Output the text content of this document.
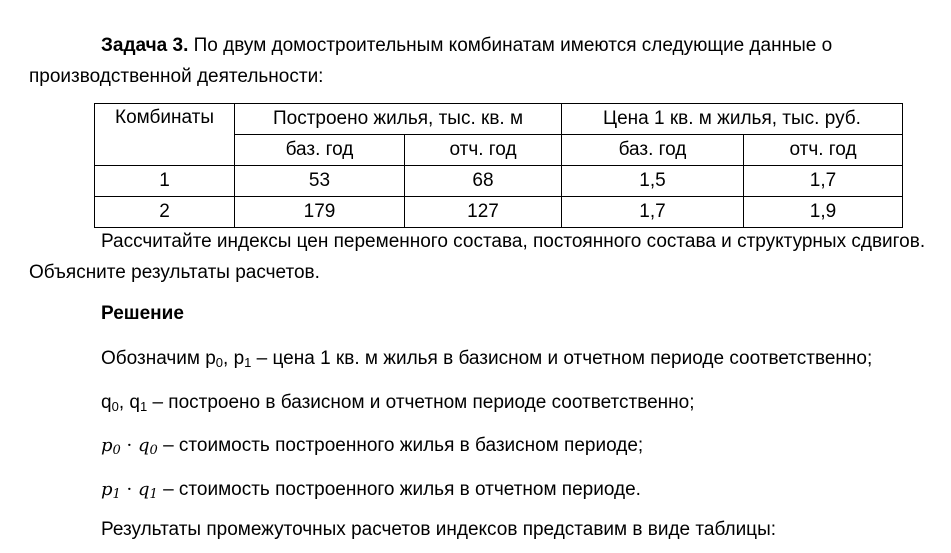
Задача 3. По двум домостроительным комбинатам имеются следующие данные о производственной деятельности:

Комбинаты	Построено жилья, тыс. кв. м		Цена 1 кв. м жилья, тыс. руб.	
	баз. год	отч. год	баз. год	отч. год
1	53	68	1,5	1,7
2	179	127	1,7	1,9

Рассчитайте индексы цен переменного состава, постоянного состава и структурных сдвигов. Объясните результаты расчетов.

Решение
Обозначим $p_0$, $p_1$ – цена 1 кв. м жилья в базисном и отчетном периоде соответственно;
$q_0$, $q_1$ – построено в базисном и отчетном периоде соответственно;
$p_0 \cdot q_0$ – стоимость построенного жилья в базисном периоде;
$p_1 \cdot q_1$ – стоимость построенного жилья в отчетном периоде.
Результаты промежуточных расчетов индексов представим в виде таблицы:
